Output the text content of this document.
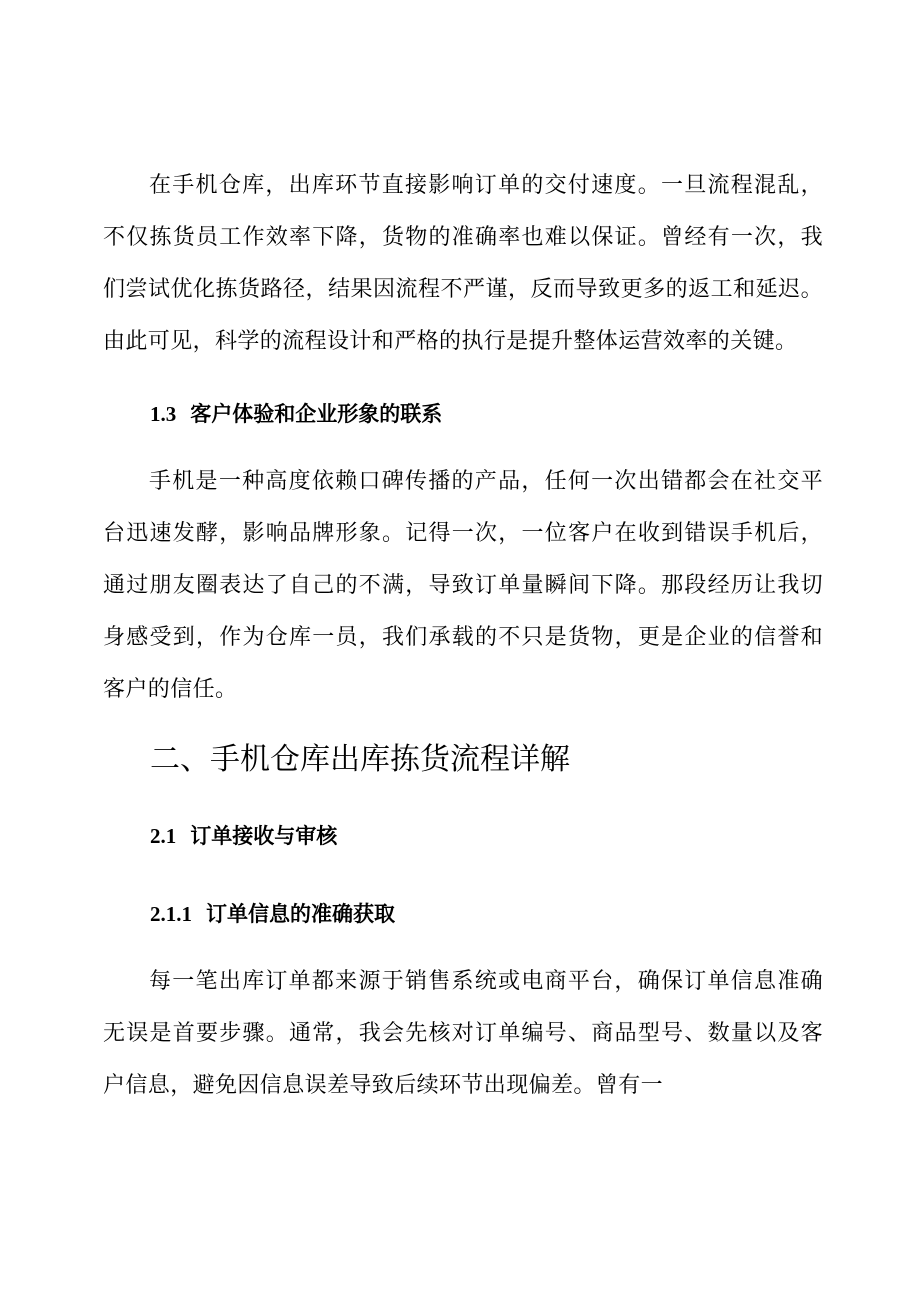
在手机仓库，出库环节直接影响订单的交付速度。一旦流程混乱，
不仅拣货员工作效率下降，货物的准确率也难以保证。曾经有一次，我
们尝试优化拣货路径，结果因流程不严谨，反而导致更多的返工和延迟。
由此可见，科学的流程设计和严格的执行是提升整体运营效率的关键。
1.3 客户体验和企业形象的联系
手机是一种高度依赖口碑传播的产品，任何一次出错都会在社交平
台迅速发酵，影响品牌形象。记得一次，一位客户在收到错误手机后，
通过朋友圈表达了自己的不满，导致订单量瞬间下降。那段经历让我切
身感受到，作为仓库一员，我们承载的不只是货物，更是企业的信誉和
客户的信任。
二、手机仓库出库拣货流程详解
2.1 订单接收与审核
2.1.1 订单信息的准确获取
每一笔出库订单都来源于销售系统或电商平台，确保订单信息准确
无误是首要步骤。通常，我会先核对订单编号、商品型号、数量以及客
户信息，避免因信息误差导致后续环节出现偏差。曾有一
